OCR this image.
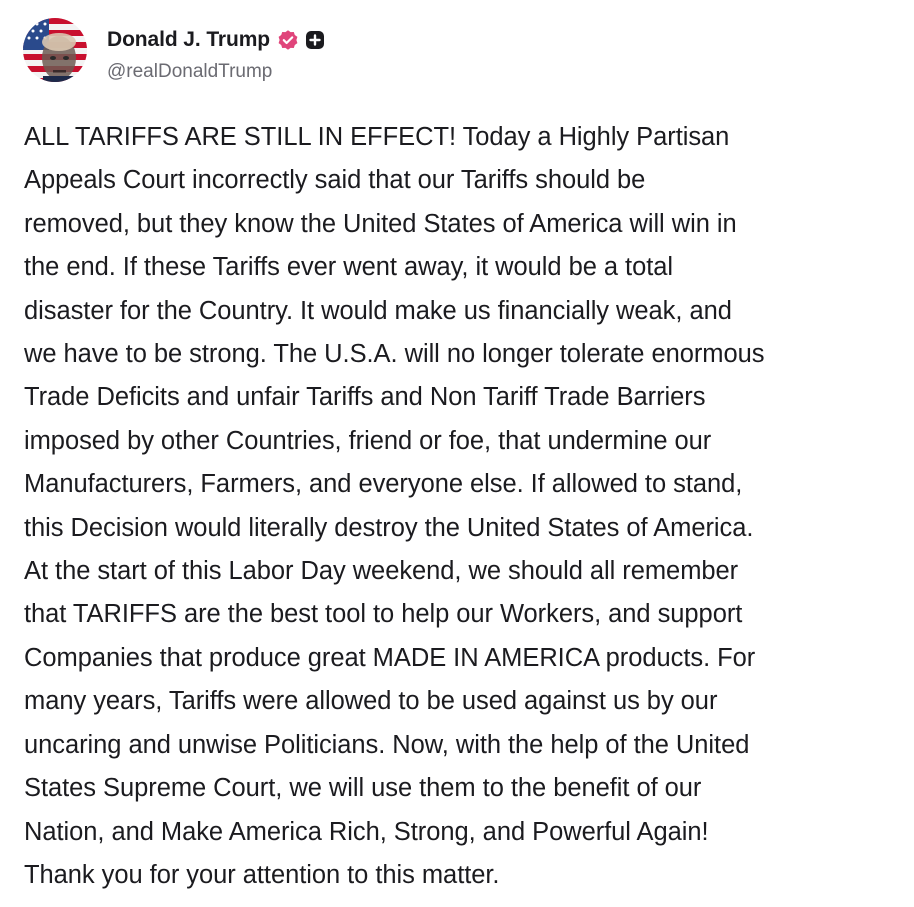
Donald J. Trump
@realDonaldTrump
ALL TARIFFS ARE STILL IN EFFECT! Today a Highly Partisan
Appeals Court incorrectly said that our Tariffs should be
removed, but they know the United States of America will win in
the end. If these Tariffs ever went away, it would be a total
disaster for the Country. It would make us financially weak, and
we have to be strong. The U.S.A. will no longer tolerate enormous
Trade Deficits and unfair Tariffs and Non Tariff Trade Barriers
imposed by other Countries, friend or foe, that undermine our
Manufacturers, Farmers, and everyone else. If allowed to stand,
this Decision would literally destroy the United States of America.
At the start of this Labor Day weekend, we should all remember
that TARIFFS are the best tool to help our Workers, and support
Companies that produce great MADE IN AMERICA products. For
many years, Tariffs were allowed to be used against us by our
uncaring and unwise Politicians. Now, with the help of the United
States Supreme Court, we will use them to the benefit of our
Nation, and Make America Rich, Strong, and Powerful Again!
Thank you for your attention to this matter.
